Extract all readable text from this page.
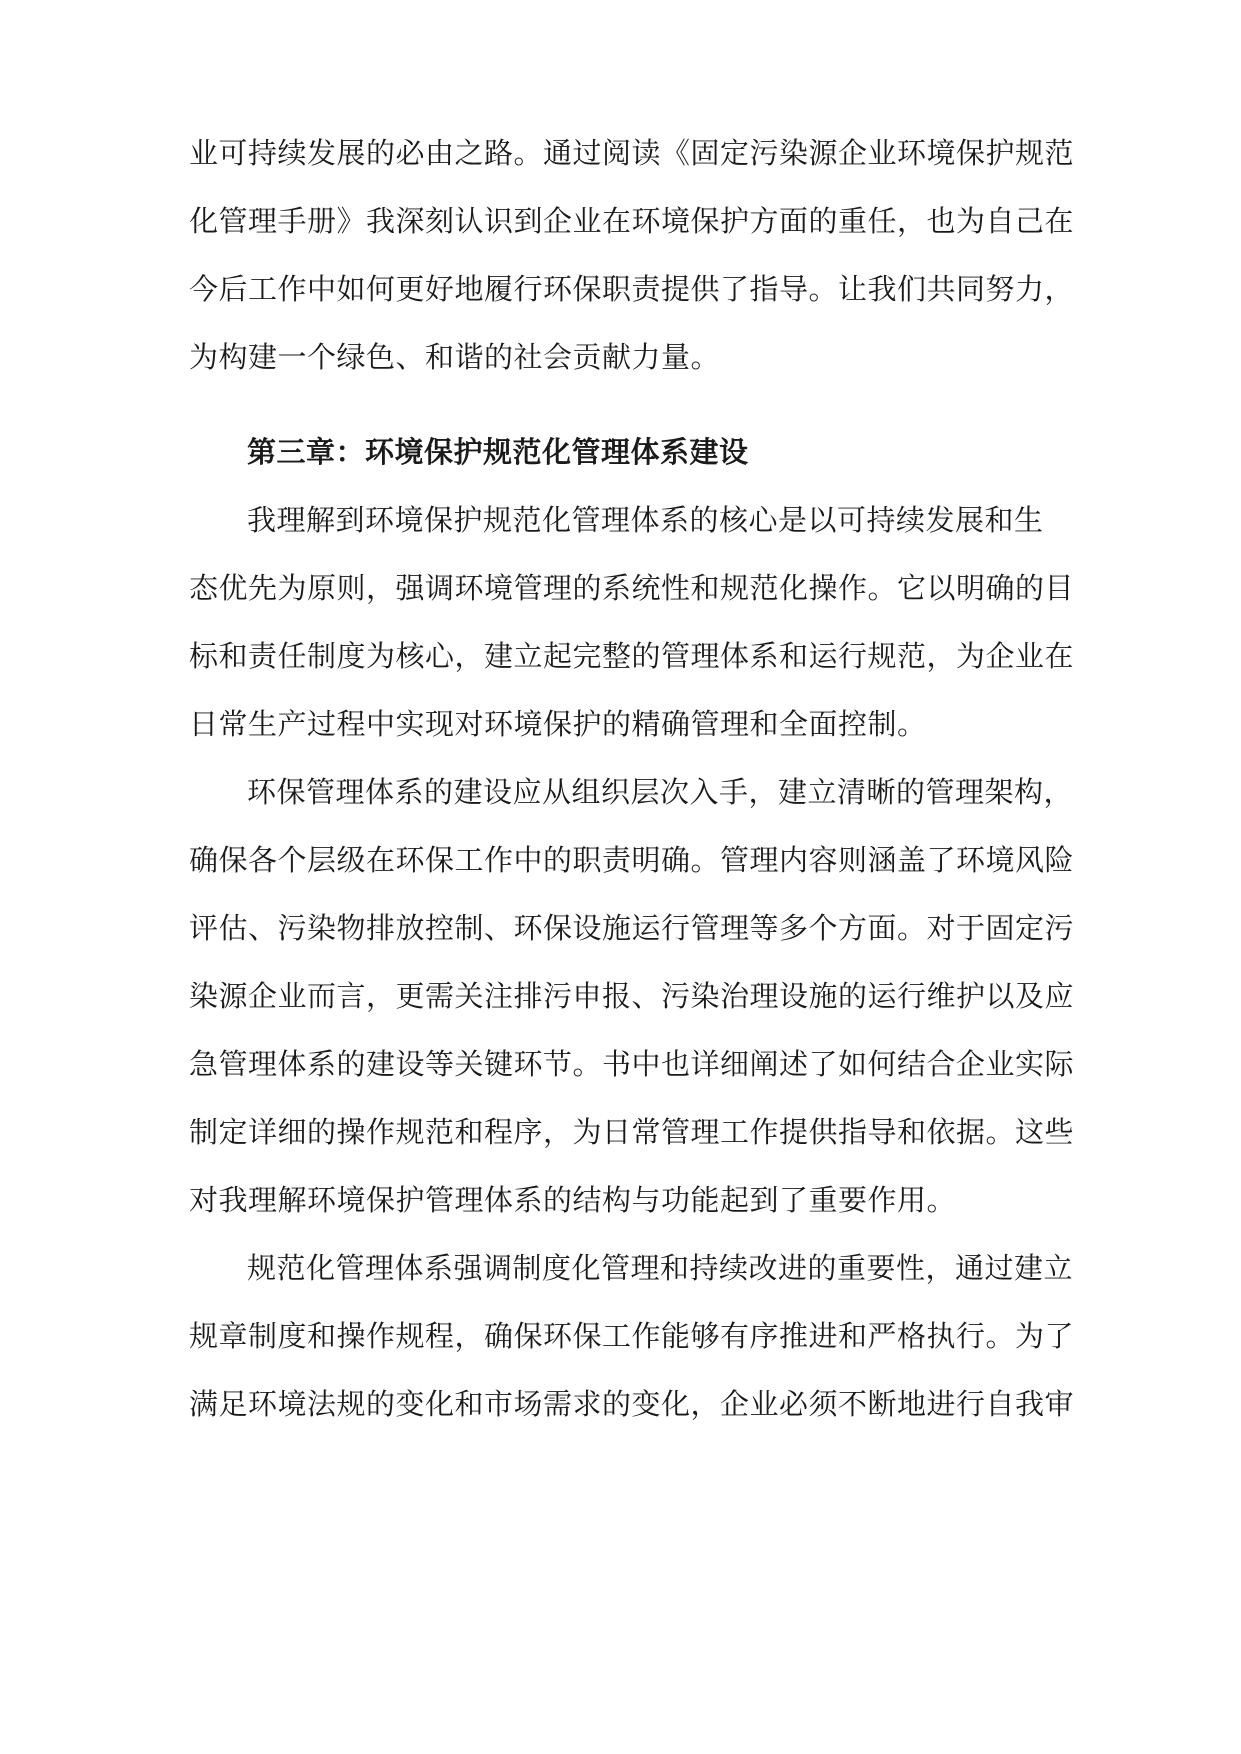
业可持续发展的必由之路。通过阅读《固定污染源企业环境保护规范
化管理手册》我深刻认识到企业在环境保护方面的重任，也为自己在
今后工作中如何更好地履行环保职责提供了指导。让我们共同努力，
为构建一个绿色、和谐的社会贡献力量。
第三章：环境保护规范化管理体系建设
我理解到环境保护规范化管理体系的核心是以可持续发展和生
态优先为原则，强调环境管理的系统性和规范化操作。它以明确的目
标和责任制度为核心，建立起完整的管理体系和运行规范，为企业在
日常生产过程中实现对环境保护的精确管理和全面控制。
环保管理体系的建设应从组织层次入手，建立清晰的管理架构，
确保各个层级在环保工作中的职责明确。管理内容则涵盖了环境风险
评估、污染物排放控制、环保设施运行管理等多个方面。对于固定污
染源企业而言，更需关注排污申报、污染治理设施的运行维护以及应
急管理体系的建设等关键环节。书中也详细阐述了如何结合企业实际
制定详细的操作规范和程序，为日常管理工作提供指导和依据。这些
对我理解环境保护管理体系的结构与功能起到了重要作用。
规范化管理体系强调制度化管理和持续改进的重要性，通过建立
规章制度和操作规程，确保环保工作能够有序推进和严格执行。为了
满足环境法规的变化和市场需求的变化，企业必须不断地进行自我审
